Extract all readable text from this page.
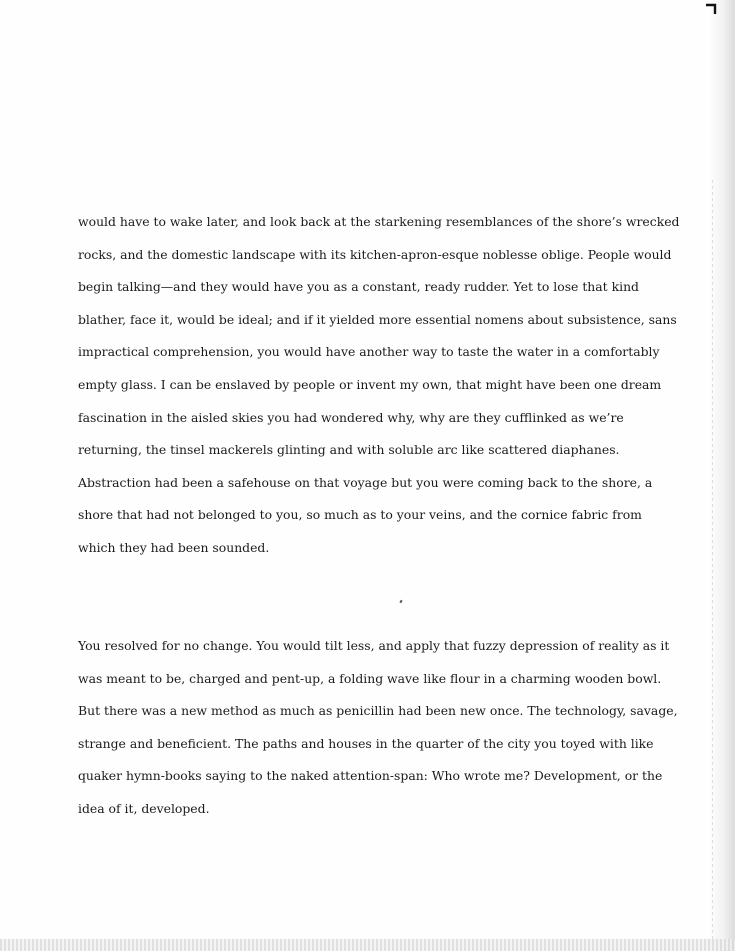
would have to wake later, and look back at the starkening resemblances of the shore’s wrecked
rocks, and the domestic landscape with its kitchen-apron-esque noblesse oblige. People would
begin talking—and they would have you as a constant, ready rudder. Yet to lose that kind
blather, face it, would be ideal; and if it yielded more essential nomens about subsistence, sans
impractical comprehension, you would have another way to taste the water in a comfortably
empty glass. I can be enslaved by people or invent my own, that might have been one dream
fascination in the aisled skies you had wondered why, why are they cufflinked as we’re
returning, the tinsel mackerels glinting and with soluble arc like scattered diaphanes.
Abstraction had been a safehouse on that voyage but you were coming back to the shore, a
shore that had not belonged to you, so much as to your veins, and the cornice fabric from
which they had been sounded.

You resolved for no change. You would tilt less, and apply that fuzzy depression of reality as it
was meant to be, charged and pent-up, a folding wave like flour in a charming wooden bowl.
But there was a new method as much as penicillin had been new once. The technology, savage,
strange and beneficient. The paths and houses in the quarter of the city you toyed with like
quaker hymn-books saying to the naked attention-span: Who wrote me? Development, or the
idea of it, developed.
